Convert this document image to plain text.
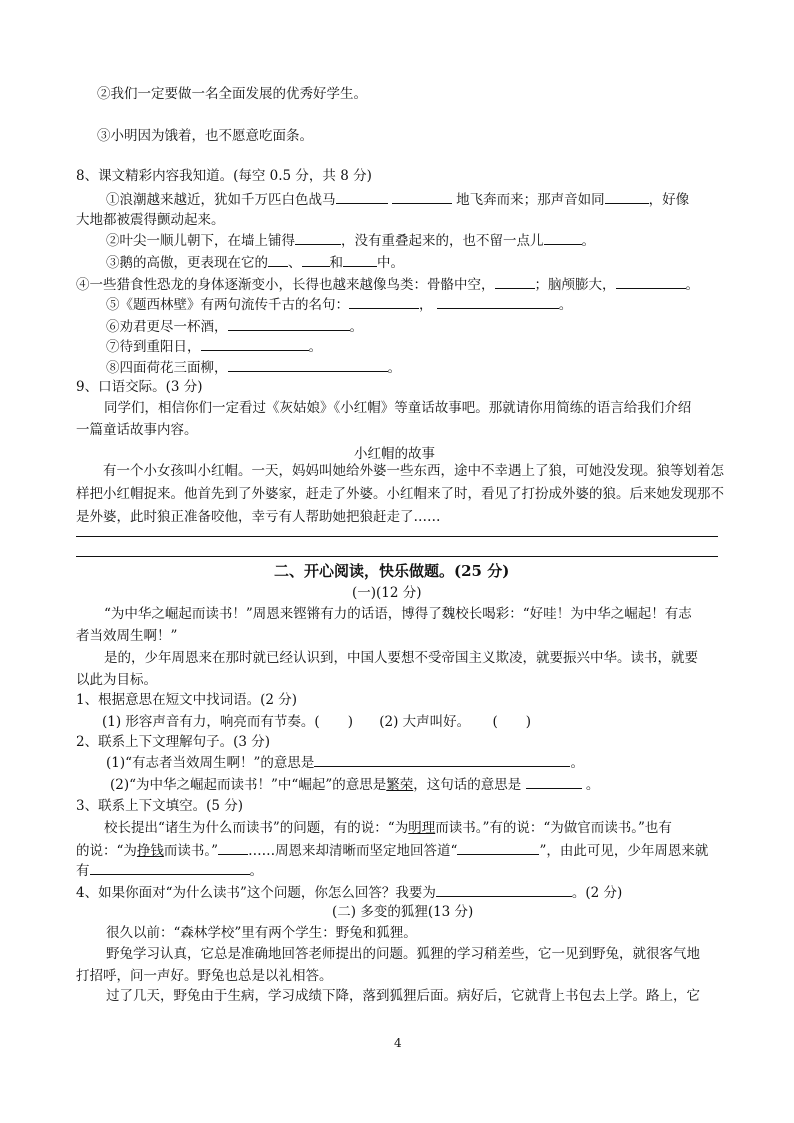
②我们一定要做一名全面发展的优秀好学生。
③小明因为饿着，也不愿意吃面条。
8、课文精彩内容我知道。(每空 0.5 分，共 8 分)
①浪潮越来越近，犹如千万匹白色战马	地飞奔而来；那声音如同	，好像
大地都被震得颤动起来。
②叶尖一顺儿朝下，在墙上铺得	，没有重叠起来的，也不留一点儿	。
③鹅的高傲，更表现在它的 、 和	中。
④一些猎食性恐龙的身体逐渐变小，长得也越来越像鸟类：骨骼中空，	；脑颅膨大，	。
⑤《题西林壁》有两句流传千古的名句：	，	。
⑥劝君更尽一杯酒，	。
⑦待到重阳日，	。
⑧四面荷花三面柳，	。
9、口语交际。(3 分)
同学们，相信你们一定看过《灰姑娘》《小红帽》等童话故事吧。那就请你用简练的语言给我们介绍
一篇童话故事内容。
小红帽的故事

有一个小女孩叫小红帽。一天，妈妈叫她给外婆一些东西，途中不幸遇上了狼，可她没发现。狼等划着怎样把小红帽捉来。他首先到了外婆家，赶走了外婆。小红帽来了时，看见了打扮成外婆的狼。后来她发现那不是外婆，此时狼正准备咬他，幸亏有人帮助她把狼赶走了……

二、开心阅读，快乐做题。(25 分)
(一)(12 分)
“为中华之崛起而读书！”周恩来铿锵有力的话语，博得了魏校长喝彩：“好哇！为中华之崛起！有志
者当效周生啊！”
是的，少年周恩来在那时就已经认识到，中国人要想不受帝国主义欺凌，就要振兴中华。读书，就要
以此为目标。
1、根据意思在短文中找词语。(2 分)
(1) 形容声音有力，响亮而有节奏。( ) (2) 大声叫好。 ( )
2、联系上下文理解句子。(3 分)
(1)“有志者当效周生啊！”的意思是	。
(2)“为中华之崛起而读书！”中“崛起”的意思是繁荣，这句话的意思是	。
3、联系上下文填空。(5 分)
校长提出“诸生为什么而读书”的问题，有的说：“为明理而读书。”有的说：“为做官而读书。”也有
的说：“为挣钱而读书。” ……周恩来却清晰而坚定地回答道“	”，由此可见，少年周恩来就
有	。
4、如果你面对“为什么读书”这个问题，你怎么回答？我要为	。(2 分)
(二) 多变的狐狸(13 分)
很久以前：“森林学校”里有两个学生：野兔和狐狸。
野兔学习认真，它总是准确地回答老师提出的问题。狐狸的学习稍差些，它一见到野兔，就很客气地
打招呼，问一声好。野兔也总是以礼相答。
过了几天，野兔由于生病，学习成绩下降，落到狐狸后面。病好后，它就背上书包去上学。路上，它
4
